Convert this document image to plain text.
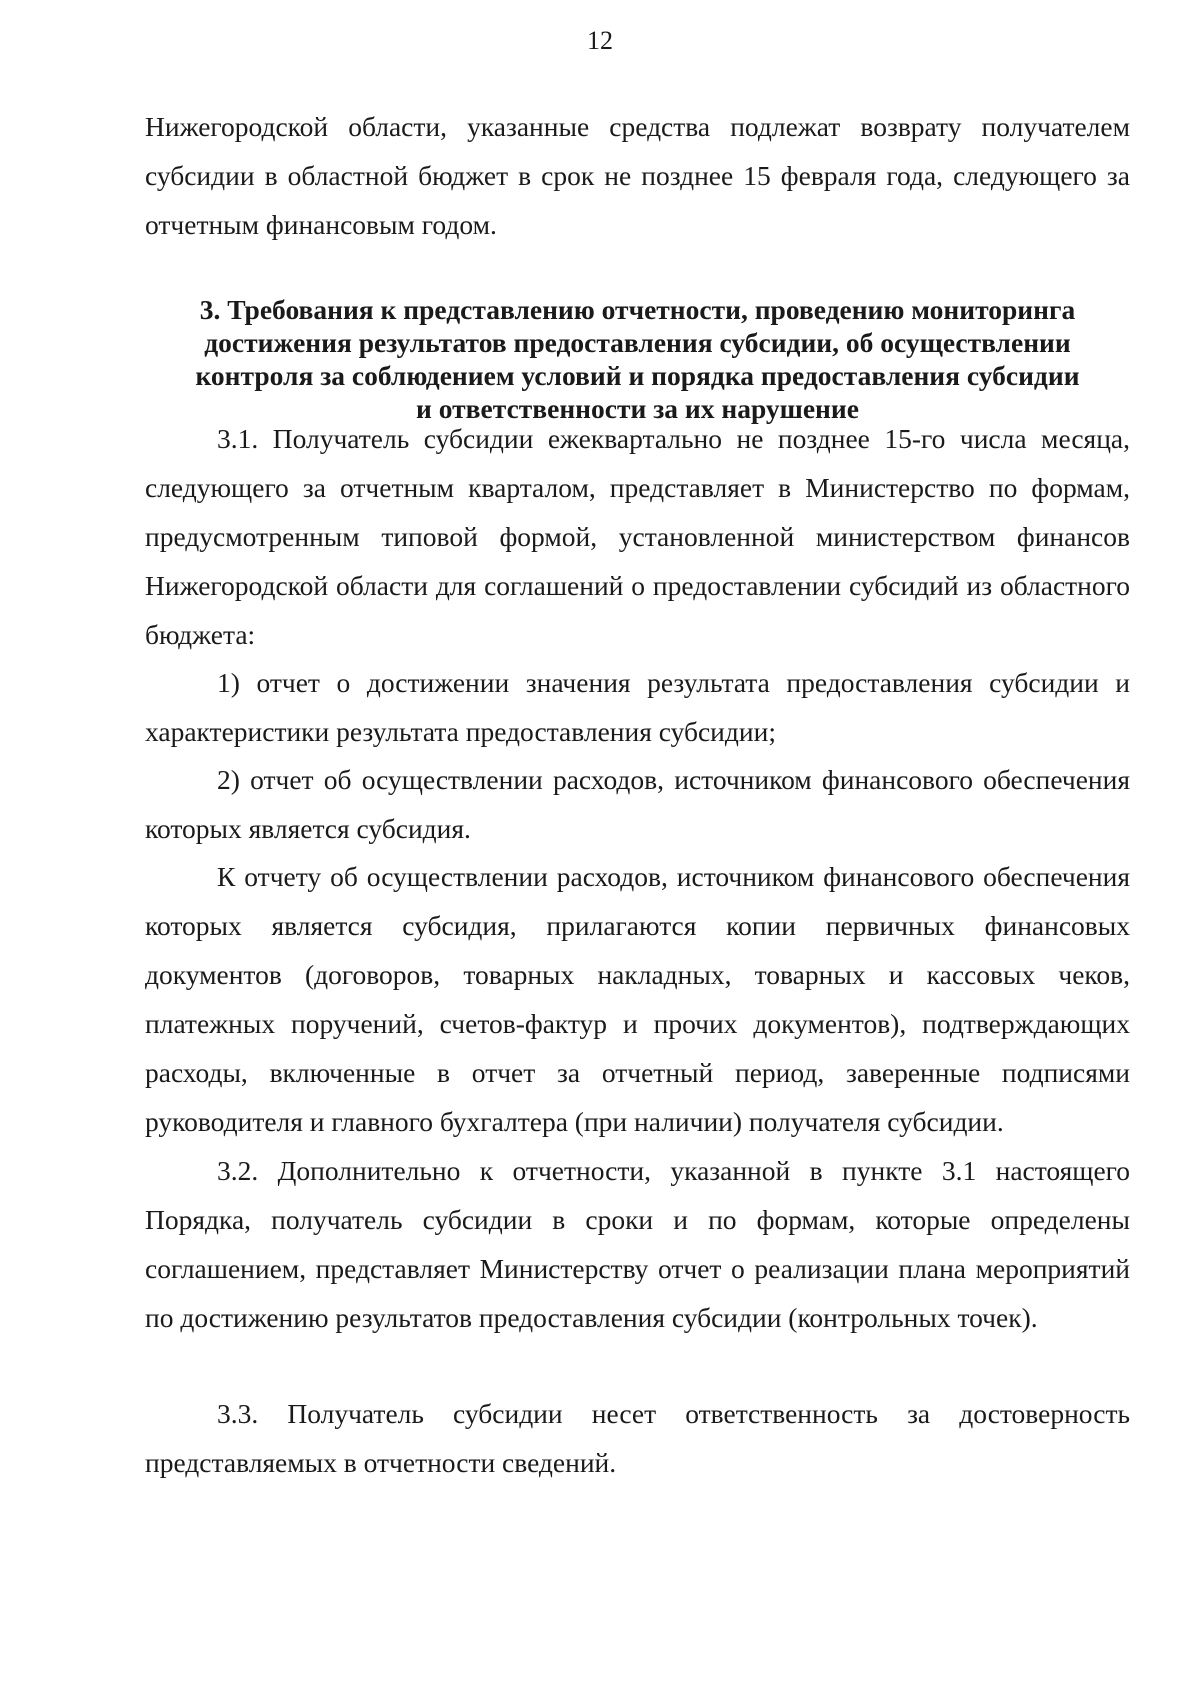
12

Нижегородской области, указанные средства подлежат возврату получателем субсидии в областной бюджет в срок не позднее 15 февраля года, следующего за отчетным финансовым годом.

3. Требования к представлению отчетности, проведению мониторинга
достижения результатов предоставления субсидии, об осуществлении
контроля за соблюдением условий и порядка предоставления субсидии
и ответственности за их нарушение

3.1. Получатель субсидии ежеквартально не позднее 15-го числа месяца, следующего за отчетным кварталом, представляет в Министерство по формам, предусмотренным типовой формой, установленной министерством финансов Нижегородской области для соглашений о предоставлении субсидий из областного бюджета:

1) отчет о достижении значения результата предоставления субсидии и характеристики результата предоставления субсидии;

2) отчет об осуществлении расходов, источником финансового обеспечения которых является субсидия.

К отчету об осуществлении расходов, источником финансового обеспечения которых является субсидия, прилагаются копии первичных финансовых документов (договоров, товарных накладных, товарных и кассовых чеков, платежных поручений, счетов-фактур и прочих документов), подтверждающих расходы, включенные в отчет за отчетный период, заверенные подписями руководителя и главного бухгалтера (при наличии) получателя субсидии.

3.2. Дополнительно к отчетности, указанной в пункте 3.1 настоящего Порядка, получатель субсидии в сроки и по формам, которые определены соглашением, представляет Министерству отчет о реализации плана мероприятий по достижению результатов предоставления субсидии (контрольных точек).

3.3. Получатель субсидии несет ответственность за достоверность представляемых в отчетности сведений.
